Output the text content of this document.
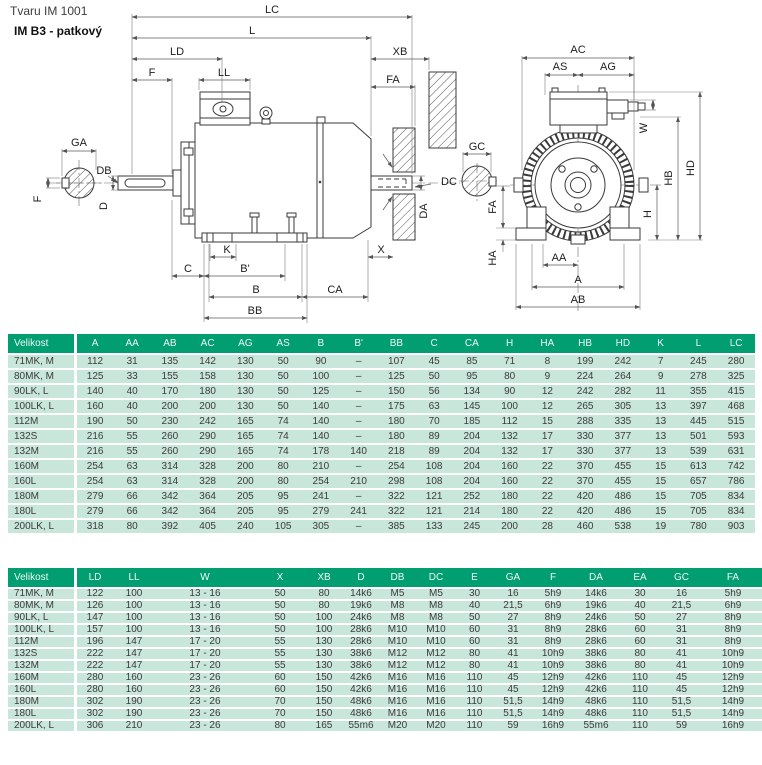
Tvaru IM 1001
IM B3 - patkový
LC
L
LD
F	LL
XB
FA
K
C	B'
B	CA
BB
X
DA
DC
GA
F
D
DB
GC
FA
AC
AS	AG
W
HD
HB
H
HA	AA
A
AB
Velikost	A	AA	AB	AC	AG	AS	B	B'	BB	C	CA	H	HA	HB	HD	K	L	LC
71MK, M	112	31	135	142	130	50	90	–	107	45	85	71	8	199	242	7	245	280
80MK, M	125	33	155	158	130	50	100	–	125	50	95	80	9	224	264	9	278	325
90LK, L	140	40	170	180	130	50	125	–	150	56	134	90	12	242	282	11	355	415
100LK, L	160	40	200	200	130	50	140	–	175	63	145	100	12	265	305	13	397	468
112M	190	50	230	242	165	74	140	–	180	70	185	112	15	288	335	13	445	515
132S	216	55	260	290	165	74	140	–	180	89	204	132	17	330	377	13	501	593
132M	216	55	260	290	165	74	178	140	218	89	204	132	17	330	377	13	539	631
160M	254	63	314	328	200	80	210	–	254	108	204	160	22	370	455	15	613	742
160L	254	63	314	328	200	80	254	210	298	108	204	160	22	370	455	15	657	786
180M	279	66	342	364	205	95	241	–	322	121	252	180	22	420	486	15	705	834
180L	279	66	342	364	205	95	279	241	322	121	214	180	22	420	486	15	705	834
200LK, L	318	80	392	405	240	105	305	–	385	133	245	200	28	460	538	19	780	903
Velikost	LD	LL	W	X	XB	D	DB	DC	E	GA	F	DA	EA	GC	FA
71MK, M	122	100	13 - 16	50	80	14k6	M5	M5	30	16	5h9	14k6	30	16	5h9
80MK, M	126	100	13 - 16	50	80	19k6	M8	M8	40	21,5	6h9	19k6	40	21,5	6h9
90LK, L	147	100	13 - 16	50	100	24k6	M8	M8	50	27	8h9	24k6	50	27	8h9
100LK, L	157	100	13 - 16	50	100	28k6	M10	M10	60	31	8h9	28k6	60	31	8h9
112M	196	147	17 - 20	55	130	28k6	M10	M10	60	31	8h9	28k6	60	31	8h9
132S	222	147	17 - 20	55	130	38k6	M12	M12	80	41	10h9	38k6	80	41	10h9
132M	222	147	17 - 20	55	130	38k6	M12	M12	80	41	10h9	38k6	80	41	10h9
160M	280	160	23 - 26	60	150	42k6	M16	M16	110	45	12h9	42k6	110	45	12h9
160L	280	160	23 - 26	60	150	42k6	M16	M16	110	45	12h9	42k6	110	45	12h9
180M	302	190	23 - 26	70	150	48k6	M16	M16	110	51,5	14h9	48k6	110	51,5	14h9
180L	302	190	23 - 26	70	150	48k6	M16	M16	110	51,5	14h9	48k6	110	51,5	14h9
200LK, L	306	210	23 - 26	80	165	55m6	M20	M20	110	59	16h9	55m6	110	59	16h9
